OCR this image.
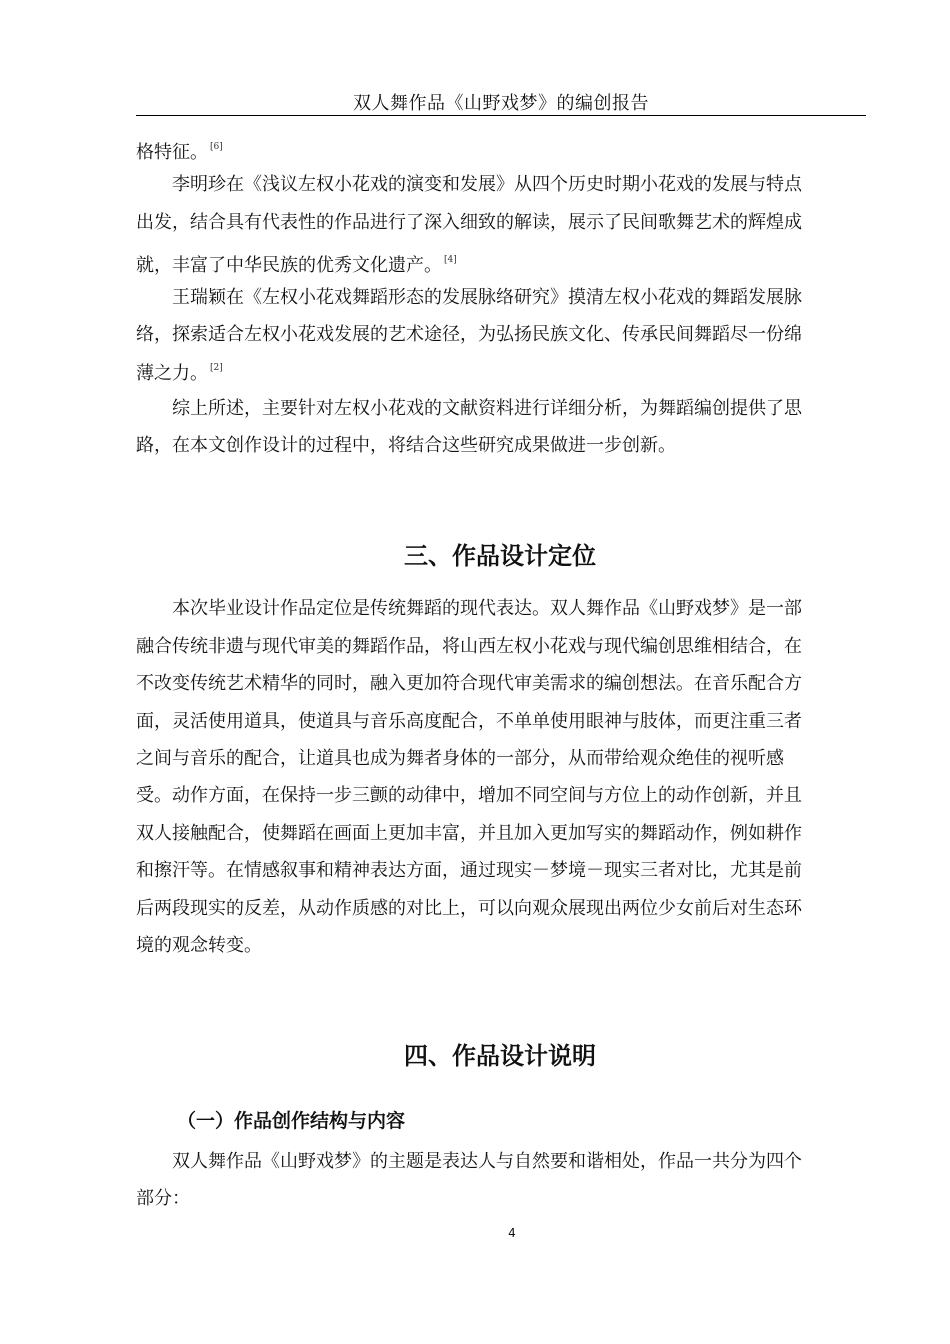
双人舞作品《山野戏梦》的编创报告
格特征。 [6]
李明珍在《浅议左权小花戏的演变和发展》从四个历史时期小花戏的发展与特点
出发，结合具有代表性的作品进行了深入细致的解读，展示了民间歌舞艺术的辉煌成
就，丰富了中华民族的优秀文化遗产。 [4]
王瑞颖在《左权小花戏舞蹈形态的发展脉络研究》摸清左权小花戏的舞蹈发展脉
络，探索适合左权小花戏发展的艺术途径，为弘扬民族文化、传承民间舞蹈尽一份绵
薄之力。 [2]
综上所述，主要针对左权小花戏的文献资料进行详细分析，为舞蹈编创提供了思
路，在本文创作设计的过程中，将结合这些研究成果做进一步创新。
三、作品设计定位
本次毕业设计作品定位是传统舞蹈的现代表达。双人舞作品《山野戏梦》是一部
融合传统非遗与现代审美的舞蹈作品，将山西左权小花戏与现代编创思维相结合，在
不改变传统艺术精华的同时，融入更加符合现代审美需求的编创想法。在音乐配合方
面，灵活使用道具，使道具与音乐高度配合，不单单使用眼神与肢体，而更注重三者
之间与音乐的配合，让道具也成为舞者身体的一部分，从而带给观众绝佳的视听感
受。动作方面，在保持一步三颤的动律中，增加不同空间与方位上的动作创新，并且
双人接触配合，使舞蹈在画面上更加丰富，并且加入更加写实的舞蹈动作，例如耕作
和擦汗等。在情感叙事和精神表达方面，通过现实－梦境－现实三者对比，尤其是前
后两段现实的反差，从动作质感的对比上，可以向观众展现出两位少女前后对生态环
境的观念转变。
四、作品设计说明
（一）作品创作结构与内容
双人舞作品《山野戏梦》的主题是表达人与自然要和谐相处，作品一共分为四个
部分：
4
